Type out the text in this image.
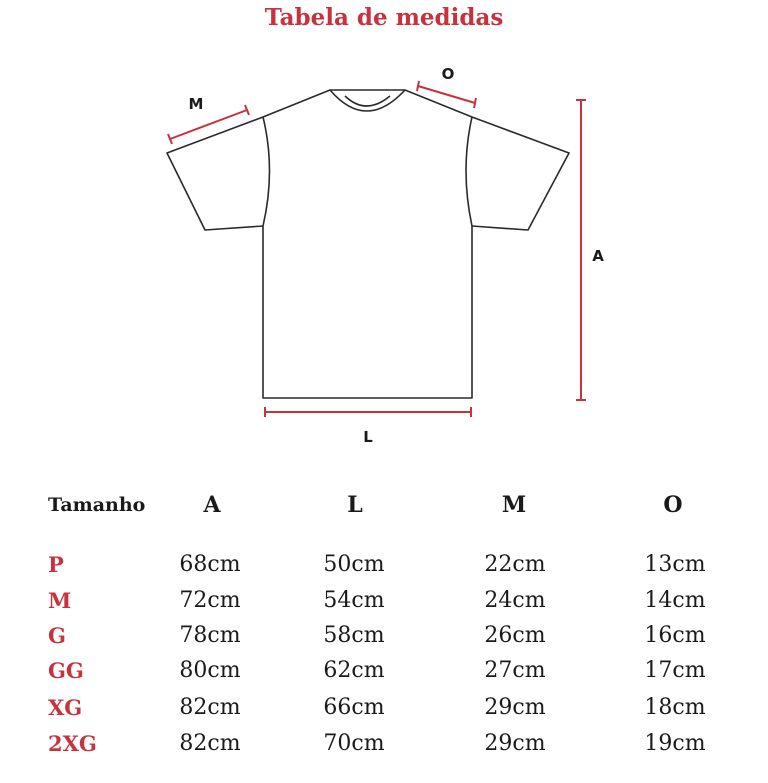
Tabela de medidas
M
O
A
L
Tamanho	A	L	M	O
P	68cm	50cm	22cm	13cm
M	72cm	54cm	24cm	14cm
G	78cm	58cm	26cm	16cm
GG	80cm	62cm	27cm	17cm
XG	82cm	66cm	29cm	18cm
2XG	82cm	70cm	29cm	19cm
